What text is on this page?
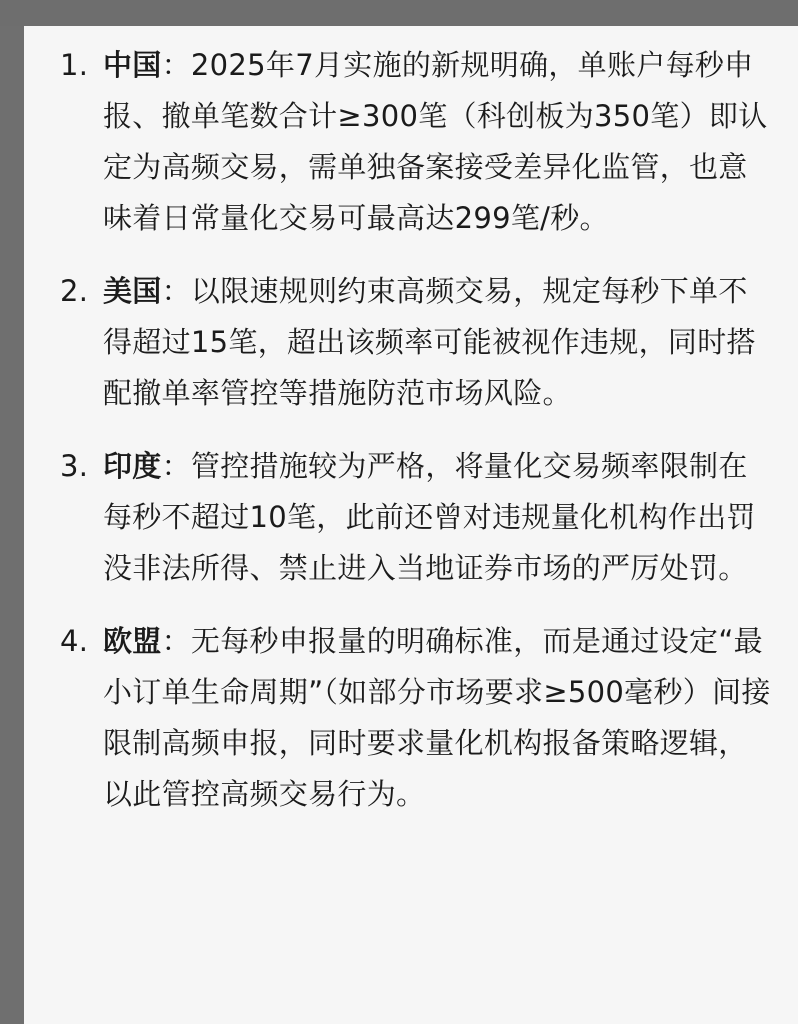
1. 中国：2025年7月实施的新规明确，单账户每秒申报、撤单笔数合计≥300笔（科创板为350笔）即认定为高频交易，需单独备案接受差异化监管，也意味着日常量化交易可最高达299笔/秒。
2. 美国：以限速规则约束高频交易，规定每秒下单不得超过15笔，超出该频率可能被视作违规，同时搭配撤单率管控等措施防范市场风险。
3. 印度：管控措施较为严格，将量化交易频率限制在每秒不超过10笔，此前还曾对违规量化机构作出罚没非法所得、禁止进入当地证券市场的严厉处罚。
4. 欧盟：无每秒申报量的明确标准，而是通过设定“最小订单生命周期”（如部分市场要求≥500毫秒）间接限制高频申报，同时要求量化机构报备策略逻辑，以此管控高频交易行为。
